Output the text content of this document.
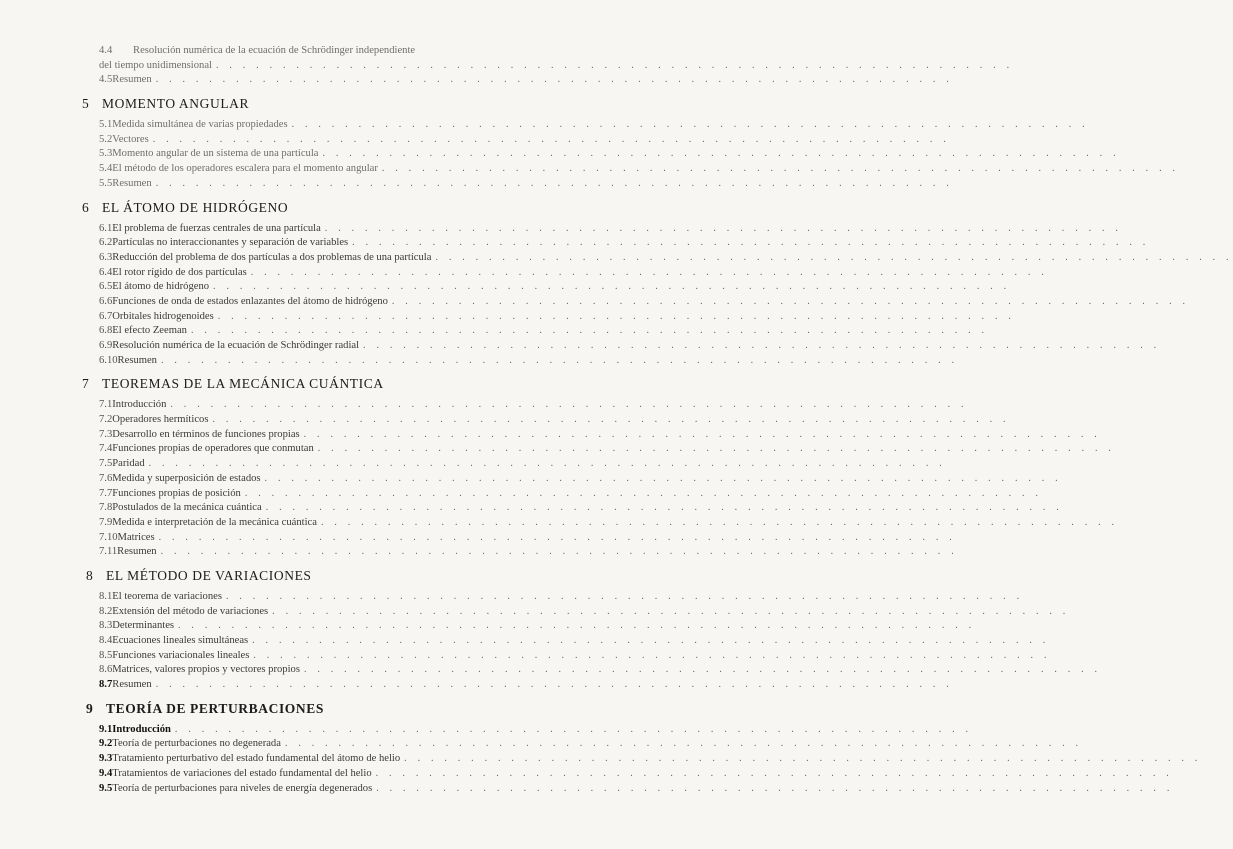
4.4	Resolución numérica de la ecuación de Schrödinger independiente
del tiempo unidimensional . . . . . . . . . . . . . . . . . . . . . . . . . . . . . . . . . . . . . . . . . . . . . . . . . . . . . . . . . . . .
4.5 Resumen . . . . . . . . . . . . . . . . . . . . . . . . . . . . . . . . . . . . . . . . . . . . . . . . . . . . . . . . . . . .
5 MOMENTO ANGULAR
5.1 Medida simultánea de varias propiedades . . . . . . . . . . . . . . . . . . . . . . . . . . . . . . . . . . . . . . . . . . . . . . . . . . . . . . . . . . . .
5.2 Vectores . . . . . . . . . . . . . . . . . . . . . . . . . . . . . . . . . . . . . . . . . . . . . . . . . . . . . . . . . . . .
5.3 Momento angular de un sistema de una partícula . . . . . . . . . . . . . . . . . . . . . . . . . . . . . . . . . . . . . . . . . . . . . . . . . . . . . . . . . . . .
5.4 El método de los operadores escalera para el momento angular . . . . . . . . . . . . . . . . . . . . . . . . . . . . . . . . . . . . . . . . . . . . . . . . . . . . . . . . . . . .
5.5 Resumen . . . . . . . . . . . . . . . . . . . . . . . . . . . . . . . . . . . . . . . . . . . . . . . . . . . . . . . . . . . .
6 EL ÁTOMO DE HIDRÓGENO
6.1 El problema de fuerzas centrales de una partícula . . . . . . . . . . . . . . . . . . . . . . . . . . . . . . . . . . . . . . . . . . . . . . . . . . . . . . . . . . . .
6.2 Partículas no interaccionantes y separación de variables . . . . . . . . . . . . . . . . . . . . . . . . . . . . . . . . . . . . . . . . . . . . . . . . . . . . . . . . . . . .
6.3 Reducción del problema de dos partículas a dos problemas de una partícula . . . . . . . . . . . . . . . . . . . . . . . . . . . . . . . . . . . . . . . . . . . . . . . . . . . . . . . . . . . .
6.4 El rotor rígido de dos partículas . . . . . . . . . . . . . . . . . . . . . . . . . . . . . . . . . . . . . . . . . . . . . . . . . . . . . . . . . . . .
6.5 El átomo de hidrógeno . . . . . . . . . . . . . . . . . . . . . . . . . . . . . . . . . . . . . . . . . . . . . . . . . . . . . . . . . . . .
6.6 Funciones de onda de estados enlazantes del átomo de hidrógeno . . . . . . . . . . . . . . . . . . . . . . . . . . . . . . . . . . . . . . . . . . . . . . . . . . . . . . . . . . . .
6.7 Orbitales hidrogenoides . . . . . . . . . . . . . . . . . . . . . . . . . . . . . . . . . . . . . . . . . . . . . . . . . . . . . . . . . . . .
6.8 El efecto Zeeman . . . . . . . . . . . . . . . . . . . . . . . . . . . . . . . . . . . . . . . . . . . . . . . . . . . . . . . . . . . .
6.9 Resolución numérica de la ecuación de Schrödinger radial . . . . . . . . . . . . . . . . . . . . . . . . . . . . . . . . . . . . . . . . . . . . . . . . . . . . . . . . . . . .
6.10 Resumen . . . . . . . . . . . . . . . . . . . . . . . . . . . . . . . . . . . . . . . . . . . . . . . . . . . . . . . . . . . .
7 TEOREMAS DE LA MECÁNICA CUÁNTICA
7.1 Introducción . . . . . . . . . . . . . . . . . . . . . . . . . . . . . . . . . . . . . . . . . . . . . . . . . . . . . . . . . . . .
7.2 Operadores hermíticos . . . . . . . . . . . . . . . . . . . . . . . . . . . . . . . . . . . . . . . . . . . . . . . . . . . . . . . . . . . .
7.3 Desarrollo en términos de funciones propias . . . . . . . . . . . . . . . . . . . . . . . . . . . . . . . . . . . . . . . . . . . . . . . . . . . . . . . . . . . .
7.4 Funciones propias de operadores que conmutan . . . . . . . . . . . . . . . . . . . . . . . . . . . . . . . . . . . . . . . . . . . . . . . . . . . . . . . . . . . .
7.5 Paridad . . . . . . . . . . . . . . . . . . . . . . . . . . . . . . . . . . . . . . . . . . . . . . . . . . . . . . . . . . . .
7.6 Medida y superposición de estados . . . . . . . . . . . . . . . . . . . . . . . . . . . . . . . . . . . . . . . . . . . . . . . . . . . . . . . . . . . .
7.7 Funciones propias de posición . . . . . . . . . . . . . . . . . . . . . . . . . . . . . . . . . . . . . . . . . . . . . . . . . . . . . . . . . . . .
7.8 Postulados de la mecánica cuántica . . . . . . . . . . . . . . . . . . . . . . . . . . . . . . . . . . . . . . . . . . . . . . . . . . . . . . . . . . . .
7.9 Medida e interpretación de la mecánica cuántica . . . . . . . . . . . . . . . . . . . . . . . . . . . . . . . . . . . . . . . . . . . . . . . . . . . . . . . . . . . .
7.10 Matrices . . . . . . . . . . . . . . . . . . . . . . . . . . . . . . . . . . . . . . . . . . . . . . . . . . . . . . . . . . . .
7.11 Resumen . . . . . . . . . . . . . . . . . . . . . . . . . . . . . . . . . . . . . . . . . . . . . . . . . . . . . . . . . . . .
8 EL MÉTODO DE VARIACIONES
8.1 El teorema de variaciones . . . . . . . . . . . . . . . . . . . . . . . . . . . . . . . . . . . . . . . . . . . . . . . . . . . . . . . . . . . .
8.2 Extensión del método de variaciones . . . . . . . . . . . . . . . . . . . . . . . . . . . . . . . . . . . . . . . . . . . . . . . . . . . . . . . . . . . .
8.3 Determinantes . . . . . . . . . . . . . . . . . . . . . . . . . . . . . . . . . . . . . . . . . . . . . . . . . . . . . . . . . . . .
8.4 Ecuaciones lineales simultáneas . . . . . . . . . . . . . . . . . . . . . . . . . . . . . . . . . . . . . . . . . . . . . . . . . . . . . . . . . . . .
8.5 Funciones variacionales lineales . . . . . . . . . . . . . . . . . . . . . . . . . . . . . . . . . . . . . . . . . . . . . . . . . . . . . . . . . . . .
8.6 Matrices, valores propios y vectores propios . . . . . . . . . . . . . . . . . . . . . . . . . . . . . . . . . . . . . . . . . . . . . . . . . . . . . . . . . . . .
8.7 Resumen . . . . . . . . . . . . . . . . . . . . . . . . . . . . . . . . . . . . . . . . . . . . . . . . . . . . . . . . . . . .
9 TEORÍA DE PERTURBACIONES
9.1 Introducción . . . . . . . . . . . . . . . . . . . . . . . . . . . . . . . . . . . . . . . . . . . . . . . . . . . . . . . . . . . .
9.2 Teoría de perturbaciones no degenerada . . . . . . . . . . . . . . . . . . . . . . . . . . . . . . . . . . . . . . . . . . . . . . . . . . . . . . . . . . . .
9.3 Tratamiento perturbativo del estado fundamental del átomo de helio . . . . . . . . . . . . . . . . . . . . . . . . . . . . . . . . . . . . . . . . . . . . . . . . . . . . . . . . . . . .
9.4 Tratamientos de variaciones del estado fundamental del helio . . . . . . . . . . . . . . . . . . . . . . . . . . . . . . . . . . . . . . . . . . . . . . . . . . . . . . . . . . . .
9.5 Teoría de perturbaciones para niveles de energía degenerados . . . . . . . . . . . . . . . . . . . . . . . . . . . . . . . . . . . . . . . . . . . . . . . . . . . . . . . . . . . .
